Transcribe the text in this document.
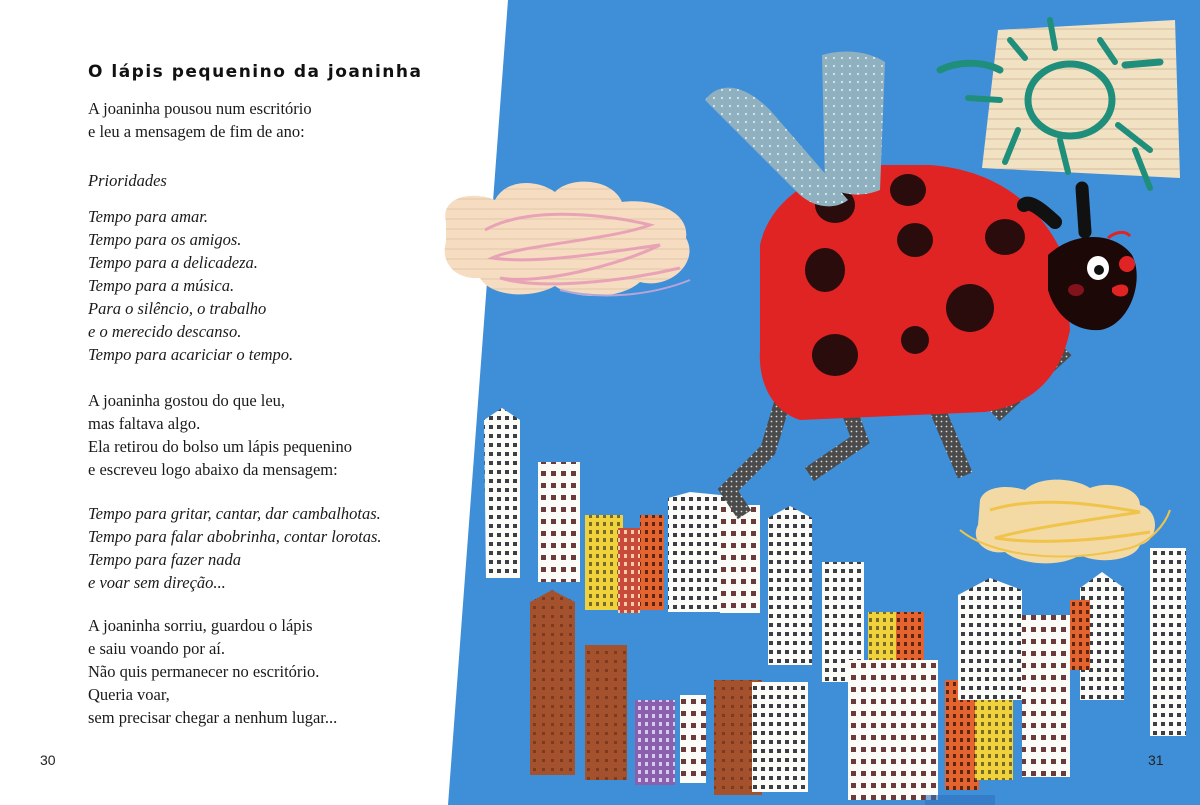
O lápis pequenino da joaninha

A joaninha pousou num escritório
e leu a mensagem de fim de ano:

Prioridades

Tempo para amar.
Tempo para os amigos.
Tempo para a delicadeza.
Tempo para a música.
Para o silêncio, o trabalho
e o merecido descanso.
Tempo para acariciar o tempo.

A joaninha gostou do que leu,
mas faltava algo.
Ela retirou do bolso um lápis pequenino
e escreveu logo abaixo da mensagem:

Tempo para gritar, cantar, dar cambalhotas.
Tempo para falar abobrinha, contar lorotas.
Tempo para fazer nada
e voar sem direção...

A joaninha sorriu, guardou o lápis
e saiu voando por aí.
Não quis permanecer no escritório.
Queria voar,
sem precisar chegar a nenhum lugar...

30	31
